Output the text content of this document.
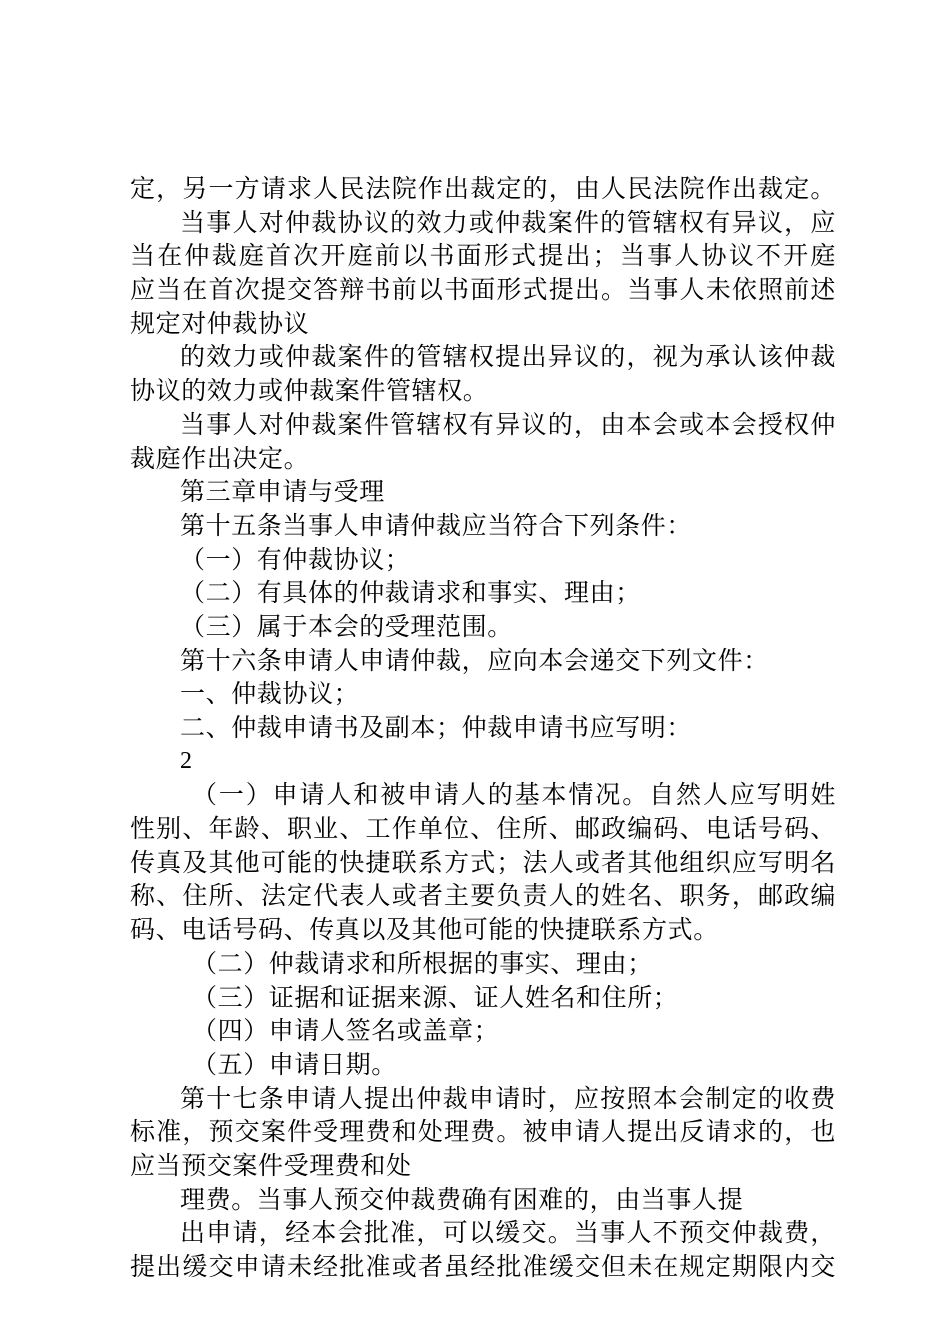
定，另一方请求人民法院作出裁定的，由人民法院作出裁定。
当事人对仲裁协议的效力或仲裁案件的管辖权有异议，应
当在仲裁庭首次开庭前以书面形式提出；当事人协议不开庭
应当在首次提交答辩书前以书面形式提出。当事人未依照前述
规定对仲裁协议
的效力或仲裁案件的管辖权提出异议的，视为承认该仲裁
协议的效力或仲裁案件管辖权。
当事人对仲裁案件管辖权有异议的，由本会或本会授权仲
裁庭作出决定。
第三章申请与受理
第十五条当事人申请仲裁应当符合下列条件：
（一）有仲裁协议；
（二）有具体的仲裁请求和事实、理由；
（三）属于本会的受理范围。
第十六条申请人申请仲裁，应向本会递交下列文件：
一、仲裁协议；
二、仲裁申请书及副本；仲裁申请书应写明：
2
（一）申请人和被申请人的基本情况。自然人应写明姓
性别、年龄、职业、工作单位、住所、邮政编码、电话号码、
传真及其他可能的快捷联系方式；法人或者其他组织应写明名
称、住所、法定代表人或者主要负责人的姓名、职务，邮政编
码、电话号码、传真以及其他可能的快捷联系方式。
（二）仲裁请求和所根据的事实、理由；
（三）证据和证据来源、证人姓名和住所；
（四）申请人签名或盖章；
（五）申请日期。
第十七条申请人提出仲裁申请时，应按照本会制定的收费
标准，预交案件受理费和处理费。被申请人提出反请求的，也
应当预交案件受理费和处
理费。当事人预交仲裁费确有困难的，由当事人提
出申请，经本会批准，可以缓交。当事人不预交仲裁费，
提出缓交申请未经批准或者虽经批准缓交但未在规定期限内交
